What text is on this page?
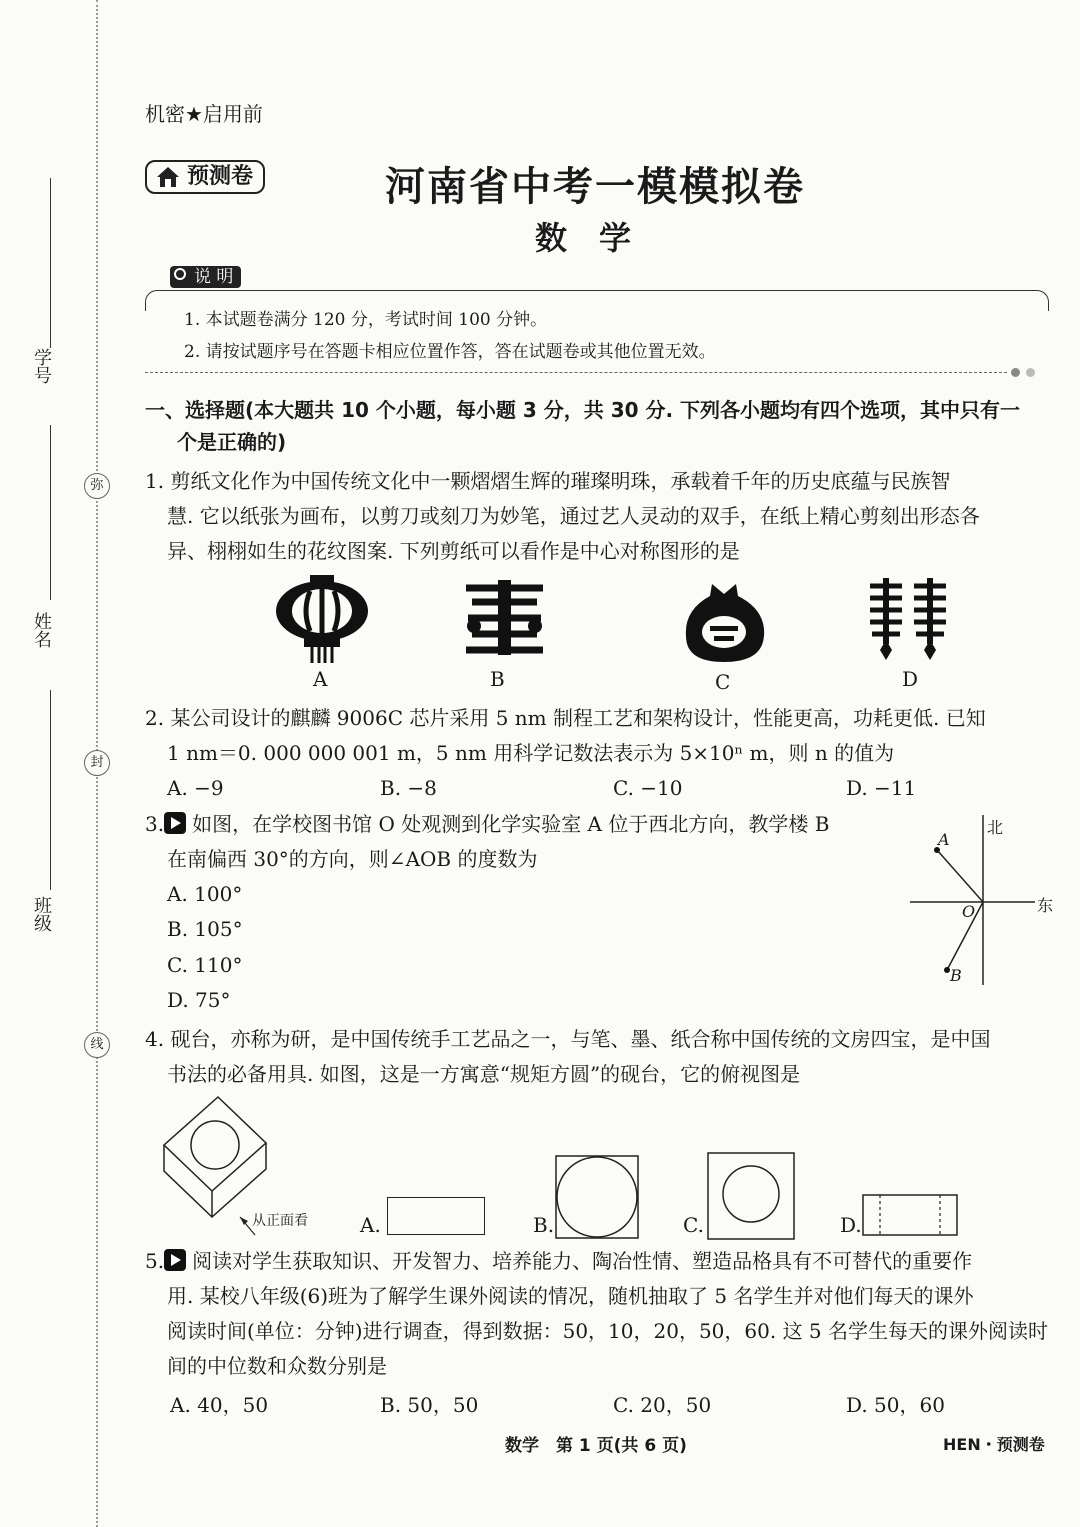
学号
姓名
班级
弥
封
线
机密★启用前
预测卷	河南省中考一模模拟卷
数　学
说 明
1. 本试题卷满分 120 分，考试时间 100 分钟。
2. 请按试题序号在答题卡相应位置作答，答在试题卷或其他位置无效。
一、选择题(本大题共 10 个小题，每小题 3 分，共 30 分. 下列各小题均有四个选项，其中只有一
个是正确的)
1. 剪纸文化作为中国传统文化中一颗熠熠生辉的璀璨明珠，承载着千年的历史底蕴与民族智
慧. 它以纸张为画布，以剪刀或刻刀为妙笔，通过艺人灵动的双手，在纸上精心剪刻出形态各
异、栩栩如生的花纹图案. 下列剪纸可以看作是中心对称图形的是
A	B	C	D
2. 某公司设计的麒麟 9006C 芯片采用 5 nm 制程工艺和架构设计，性能更高，功耗更低. 已知
1 nm＝0. 000 000 001 m，5 nm 用科学记数法表示为 5×10ⁿ m，则 n 的值为
A. −9	B. −8	C. −10	D. −11
3. 如图，在学校图书馆 O 处观测到化学实验室 A 位于西北方向，教学楼 B
在南偏西 30°的方向，则∠AOB 的度数为
A. 100°
B. 105°
C. 110°
D. 75°
北
东
A
O
B
4. 砚台，亦称为研，是中国传统手工艺品之一，与笔、墨、纸合称中国传统的文房四宝，是中国
书法的必备用具. 如图，这是一方寓意“规矩方圆”的砚台，它的俯视图是
从正面看	A.	B.	C.	D.
5. 阅读对学生获取知识、开发智力、培养能力、陶冶性情、塑造品格具有不可替代的重要作
用. 某校八年级(6)班为了解学生课外阅读的情况，随机抽取了 5 名学生并对他们每天的课外
阅读时间(单位：分钟)进行调查，得到数据：50，10，20，50，60. 这 5 名学生每天的课外阅读时
间的中位数和众数分别是
A. 40，50	B. 50，50	C. 20，50	D. 50，60
数学　第 1 页(共 6 页)	HEN・预测卷
